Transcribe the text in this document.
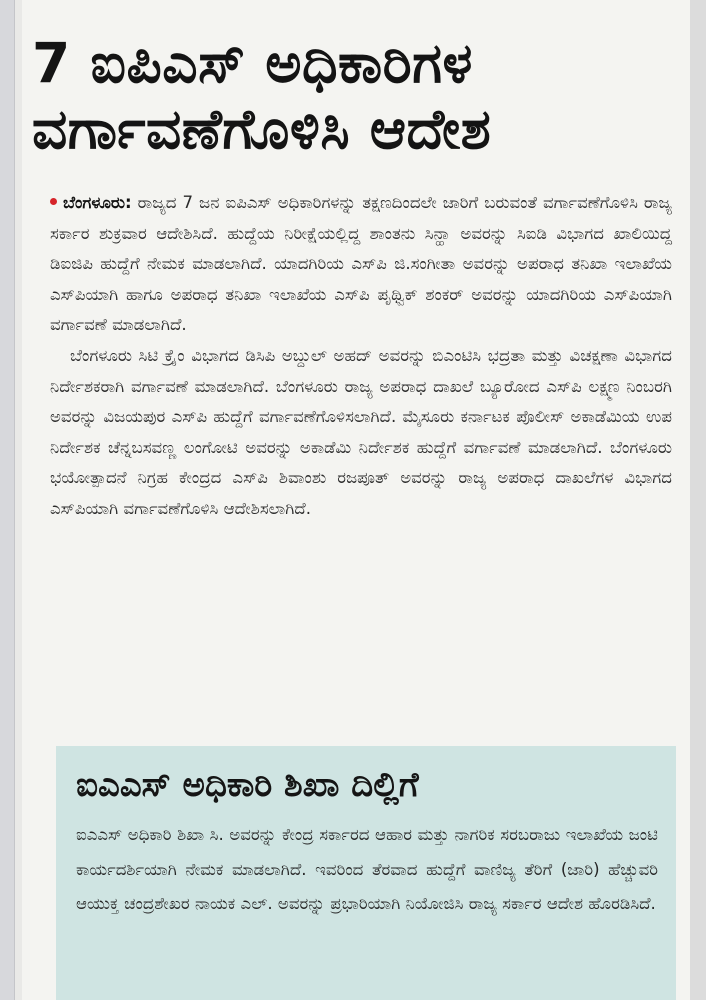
7 ಐಪಿಎಸ್ ಅಧಿಕಾರಿಗಳ ವರ್ಗಾವಣೆಗೊಳಿಸಿ ಆದೇಶ

ಬೆಂಗಳೂರು: ರಾಜ್ಯದ 7 ಜನ ಐಪಿಎಸ್ ಅಧಿಕಾರಿಗಳನ್ನು ತಕ್ಷಣದಿಂದಲೇ ಜಾರಿಗೆ ಬರುವಂತೆ ವರ್ಗಾವಣೆಗೊಳಿಸಿ ರಾಜ್ಯ ಸರ್ಕಾರ ಶುಕ್ರವಾರ ಆದೇಶಿಸಿದೆ. ಹುದ್ದೆಯ ನಿರೀಕ್ಷೆಯಲ್ಲಿದ್ದ ಶಾಂತನು ಸಿನ್ಹಾ ಅವರನ್ನು ಸಿಐಡಿ ವಿಭಾಗದ ಖಾಲಿಯಿದ್ದ ಡಿಐಜಿಪಿ ಹುದ್ದೆಗೆ ನೇಮಕ ಮಾಡಲಾಗಿದೆ. ಯಾದಗಿರಿಯ ಎಸ್‌ಪಿ ಜಿ.ಸಂಗೀತಾ ಅವರನ್ನು ಅಪರಾಧ ತನಿಖಾ ಇಲಾಖೆಯ ಎಸ್‌ಪಿಯಾಗಿ ಹಾಗೂ ಅಪರಾಧ ತನಿಖಾ ಇಲಾಖೆಯ ಎಸ್‌ಪಿ ಪೃಥ್ವಿಕ್ ಶಂಕರ್ ಅವರನ್ನು ಯಾದಗಿರಿಯ ಎಸ್‌ಪಿಯಾಗಿ ವರ್ಗಾವಣೆ ಮಾಡಲಾಗಿದೆ.

ಬೆಂಗಳೂರು ಸಿಟಿ ಕ್ರೈಂ ವಿಭಾಗದ ಡಿಸಿಪಿ ಅಬ್ದುಲ್ ಅಹದ್ ಅವರನ್ನು ಬಿಎಂಟಿಸಿ ಭದ್ರತಾ ಮತ್ತು ವಿಚಕ್ಷಣಾ ವಿಭಾಗದ ನಿರ್ದೇಶಕರಾಗಿ ವರ್ಗಾವಣೆ ಮಾಡಲಾಗಿದೆ. ಬೆಂಗಳೂರು ರಾಜ್ಯ ಅಪರಾಧ ದಾಖಲೆ ಬ್ಯೂರೋದ ಎಸ್‌ಪಿ ಲಕ್ಷ್ಮಣ ನಿಂಬರಗಿ ಅವರನ್ನು ವಿಜಯಪುರ ಎಸ್‌ಪಿ ಹುದ್ದೆಗೆ ವರ್ಗಾವಣೆಗೊಳಿಸಲಾಗಿದೆ. ಮೈಸೂರು ಕರ್ನಾಟಕ ಪೊಲೀಸ್ ಅಕಾಡೆಮಿಯ ಉಪ ನಿರ್ದೇಶಕ ಚೆನ್ನಬಸವಣ್ಣ ಲಂಗೋಟಿ ಅವರನ್ನು ಅಕಾಡೆಮಿ ನಿರ್ದೇಶಕ ಹುದ್ದೆಗೆ ವರ್ಗಾವಣೆ ಮಾಡಲಾಗಿದೆ. ಬೆಂಗಳೂರು ಭಯೋತ್ಪಾದನೆ ನಿಗ್ರಹ ಕೇಂದ್ರದ ಎಸ್‌ಪಿ ಶಿವಾಂಶು ರಜಪೂತ್ ಅವರನ್ನು ರಾಜ್ಯ ಅಪರಾಧ ದಾಖಲೆಗಳ ವಿಭಾಗದ ಎಸ್‌ಪಿಯಾಗಿ ವರ್ಗಾವಣೆಗೊಳಿಸಿ ಆದೇಶಿಸಲಾಗಿದೆ.

ಐಎಎಸ್ ಅಧಿಕಾರಿ ಶಿಖಾ ದಿಲ್ಲಿಗೆ

ಐಎಎಸ್ ಅಧಿಕಾರಿ ಶಿಖಾ ಸಿ. ಅವರನ್ನು ಕೇಂದ್ರ ಸರ್ಕಾರದ ಆಹಾರ ಮತ್ತು ನಾಗರಿಕ ಸರಬರಾಜು ಇಲಾಖೆಯ ಜಂಟಿ ಕಾರ್ಯದರ್ಶಿಯಾಗಿ ನೇಮಕ ಮಾಡಲಾಗಿದೆ. ಇವರಿಂದ ತೆರವಾದ ಹುದ್ದೆಗೆ ವಾಣಿಜ್ಯ ತೆರಿಗೆ (ಜಾರಿ) ಹೆಚ್ಚುವರಿ ಆಯುಕ್ತ ಚಂದ್ರಶೇಖರ ನಾಯಕ ಎಲ್. ಅವರನ್ನು ಪ್ರಭಾರಿಯಾಗಿ ನಿಯೋಜಿಸಿ ರಾಜ್ಯ ಸರ್ಕಾರ ಆದೇಶ ಹೊರಡಿಸಿದೆ.
